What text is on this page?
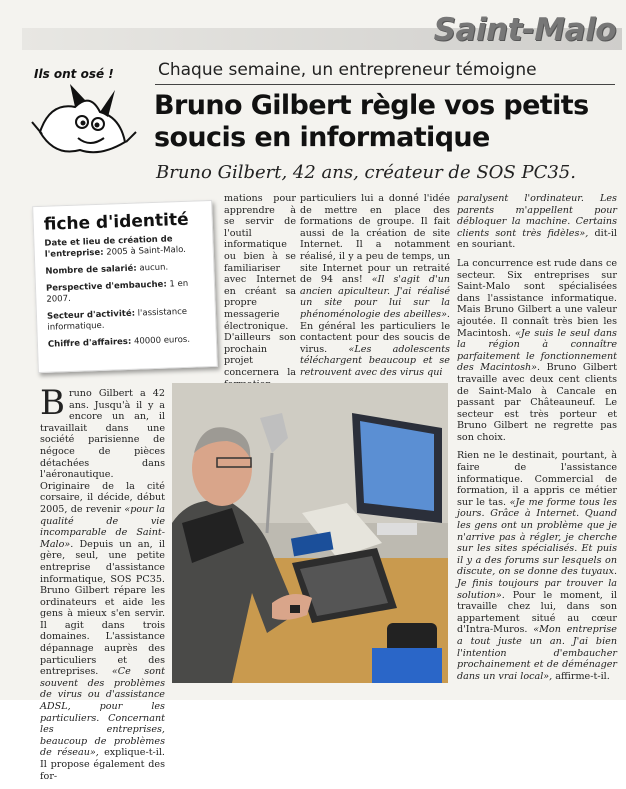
Saint-Malo
Ils ont osé !	Chaque semaine, un entrepreneur témoigne
Bruno Gilbert règle vos petits soucis en informatique
Bruno Gilbert, 42 ans, créateur de SOS PC35.
fiche d'identité

Date et lieu de création de l'entreprise: 2005 à Saint-Malo.

Nombre de salarié: aucun.

Perspective d'embauche: 1 en 2007.

Secteur d'activité: l'assistance informatique.

Chiffre d'affaires: 40000 euros.

mations pour apprendre à se servir de l'outil informatique ou bien à se familiariser avec Internet en créant sa propre messagerie électronique. D'ailleurs son prochain projet concernera la

particuliers lui a donné l'idée de mettre en place des formations de groupe. Il fait aussi de la création de site Internet. Il a notamment réalisé, il y a peu de temps, un site Internet pour un retraité de 94 ans! «Il s'agit d'un ancien apiculteur. J'ai réalisé un site pour lui sur la phénoménologie des abeilles». En général les particuliers le contactent pour des soucis de virus. «Les adolescents téléchargent beaucoup et se retrouvent avec des virus qui

paralysent l'ordinateur. Les parents m'appellent pour débloquer la machine. Certains clients sont très fidèles», dit-il en souriant.

La concurrence est rude dans ce secteur. Six entreprises sur Saint-Malo sont spécialisées dans l'assistance informatique. Mais Bruno Gilbert a une valeur ajoutée. Il connaît très bien les Macintosh. «Je suis le seul dans la région à connaître parfaitement le fonctionnement des Macintosh». Bruno Gilbert travaille avec deux cent clients de Saint-Malo à Cancale en passant par Châteauneuf. Le secteur est très porteur et Bruno Gilbert ne regrette pas son choix.

Rien ne le destinait, pourtant, à faire de l'assistance informatique. Commercial de formation, il a appris ce métier sur le tas. «Je me forme tous les jours. Grâce à Internet. Quand les gens ont un problème que je n'arrive pas à régler, je cherche sur les sites spécialisés. Et puis il y a des forums sur lesquels on discute, on se donne des tuyaux. Je finis toujours par trouver la solution». Pour le moment, il travaille chez lui, dans son appartement situé au cœur d'Intra-Muros. «Mon entreprise a tout juste un an. J'ai bien l'intention d'embaucher prochainement et de déménager dans un vrai local», affirme-t-il.

Bruno Gilbert a 42 ans. Jusqu'à il y a encore un an, il travaillait dans une société parisienne de négoce de pièces détachées dans l'aéronautique. Originaire de la cité corsaire, il décide, début 2005, de revenir «pour la qualité de vie incomparable de Saint-Malo». Depuis un an, il gère, seul, une petite entreprise d'assistance informatique, SOS PC35. Bruno Gilbert répare les ordinateurs et aide les gens à mieux s'en servir. Il agit dans trois domaines. L'assistance dépannage auprès des particuliers et des entreprises. «Ce sont souvent des problèmes de virus ou d'assistance ADSL, pour les particuliers. Concernant les entreprises, beaucoup de problèmes de réseau», explique-t-il. Il propose également des for-
